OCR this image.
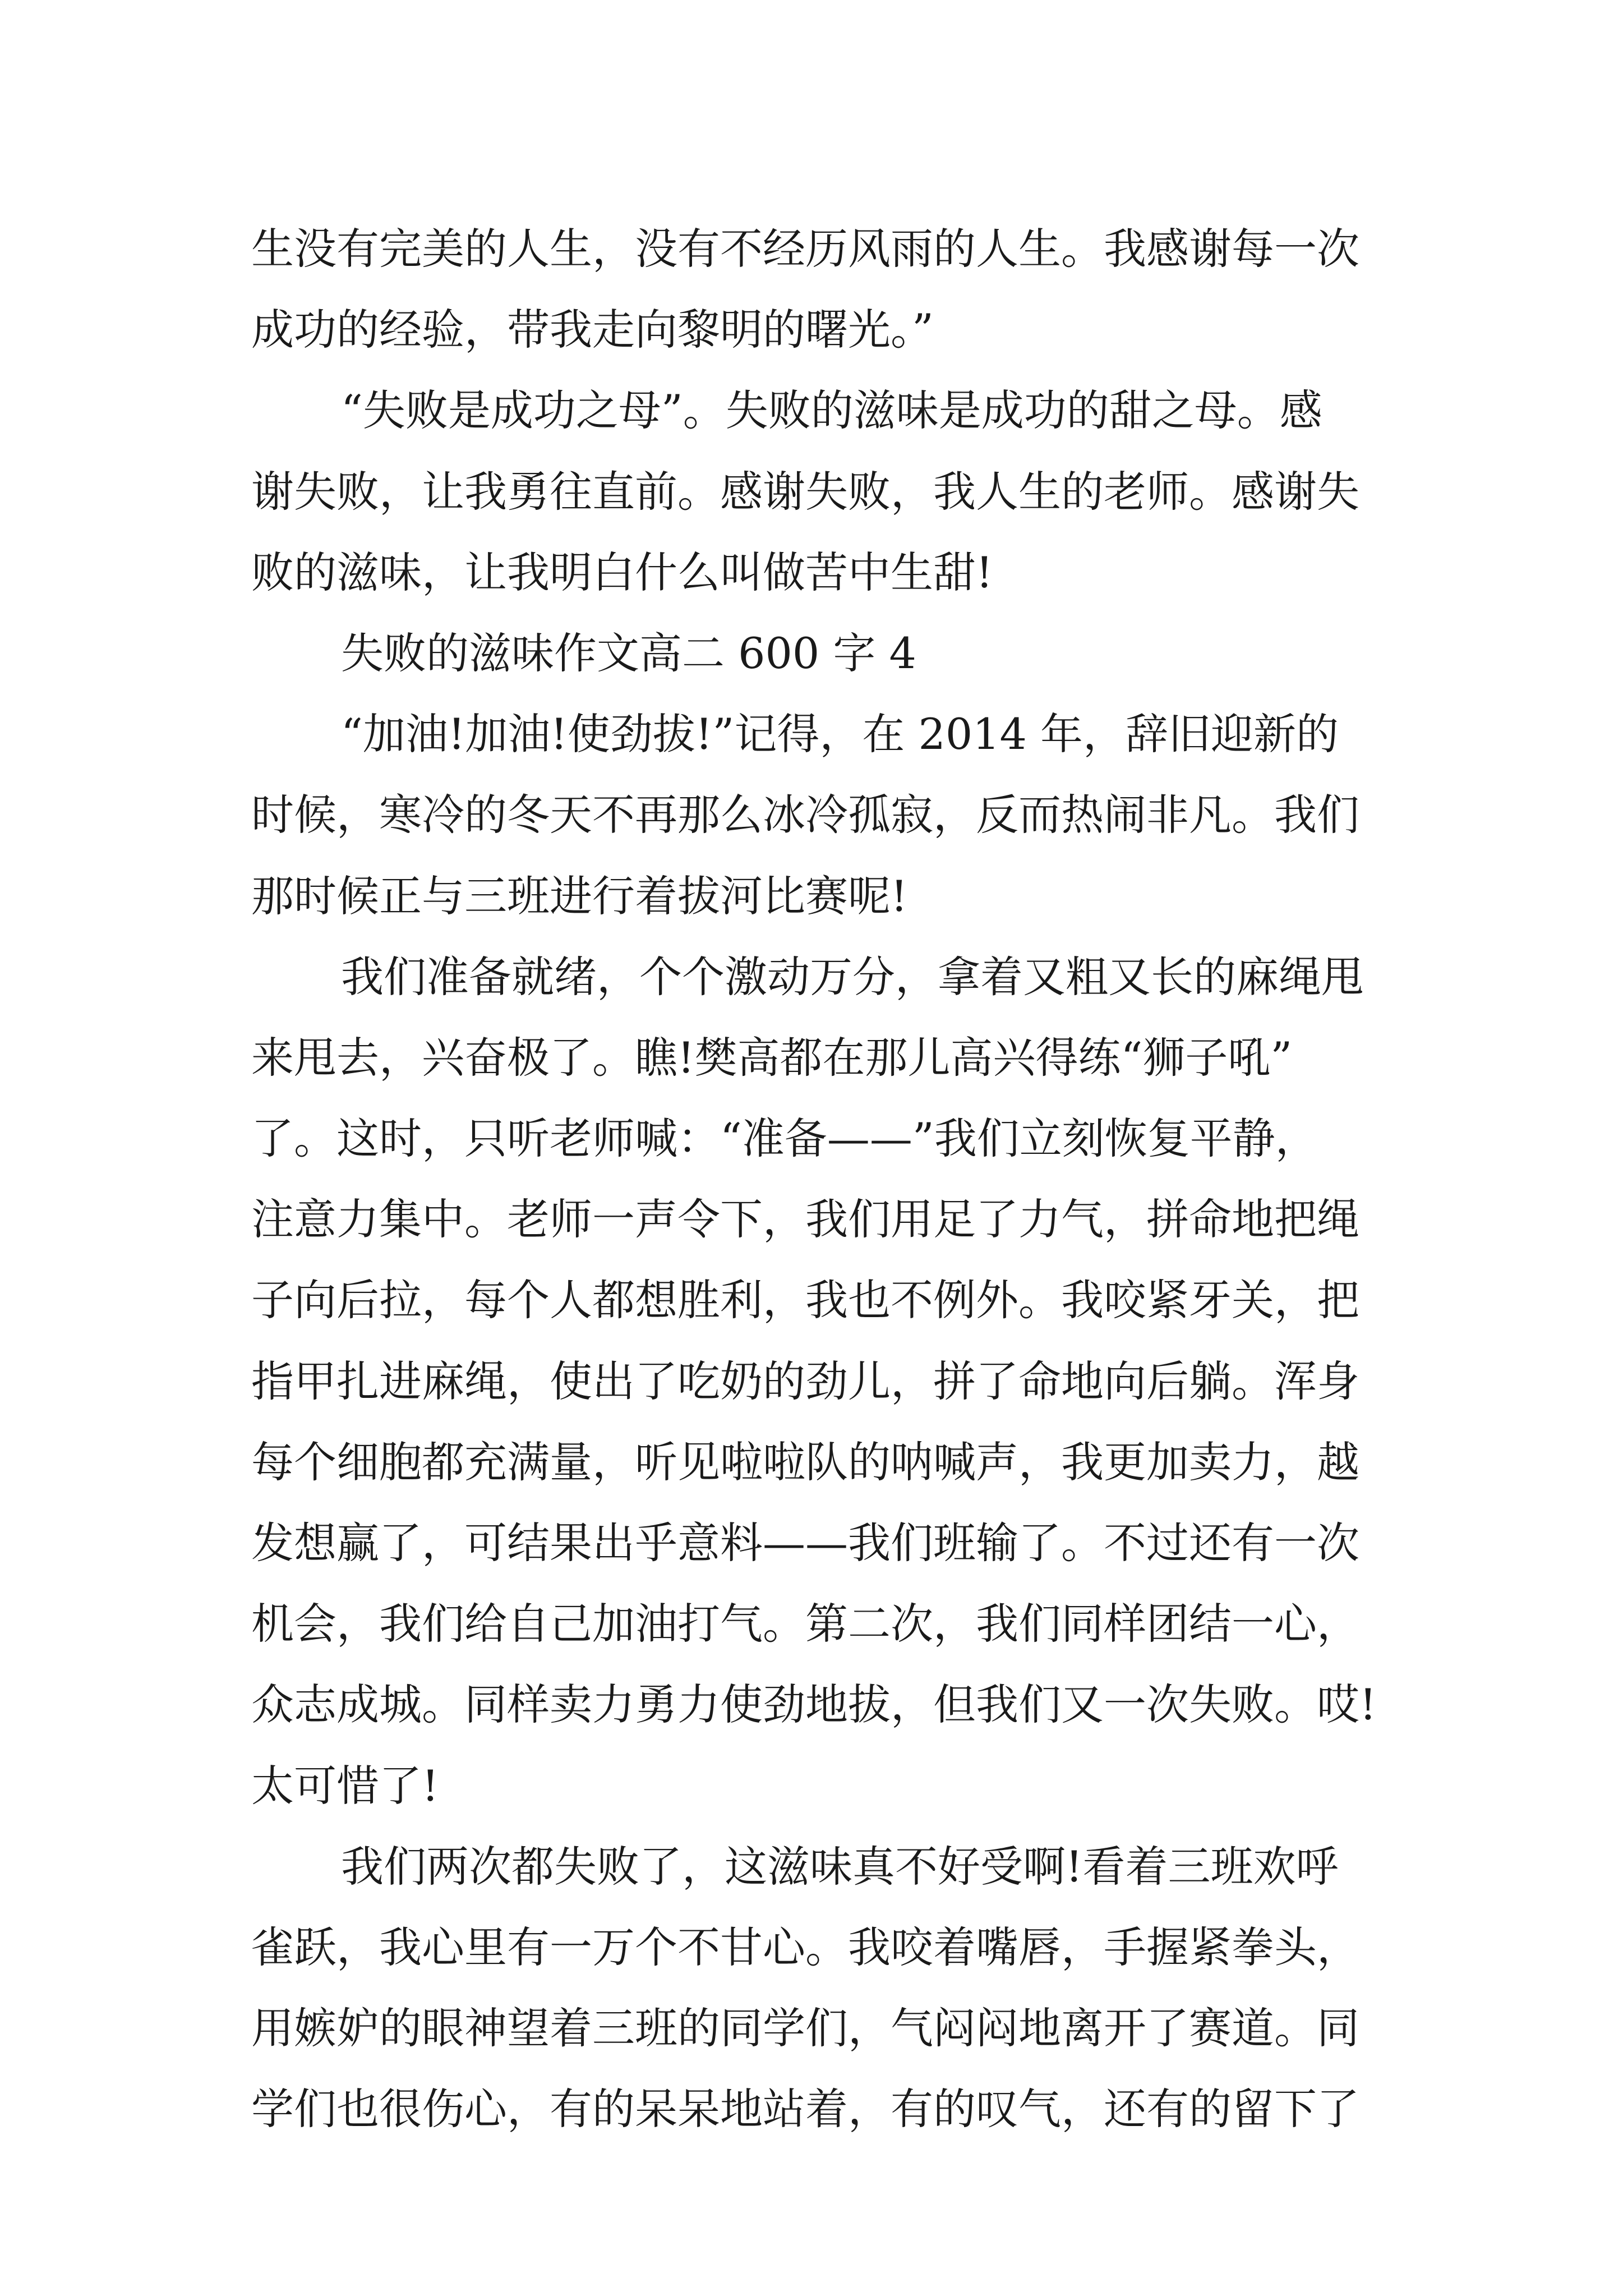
生没有完美的人生，没有不经历风雨的人生。我感谢每一次
成功的经验，带我走向黎明的曙光。”
“失败是成功之母”。失败的滋味是成功的甜之母。感
谢失败，让我勇往直前。感谢失败，我人生的老师。感谢失
败的滋味，让我明白什么叫做苦中生甜!
失败的滋味作文高二 600 字 4
“加油!加油!使劲拔!”记得，在 2014 年，辞旧迎新的
时候，寒冷的冬天不再那么冰冷孤寂，反而热闹非凡。我们
那时候正与三班进行着拔河比赛呢!
我们准备就绪，个个激动万分，拿着又粗又长的麻绳甩
来甩去，兴奋极了。瞧!樊高都在那儿高兴得练“狮子吼”
了。这时，只听老师喊：“准备——”我们立刻恢复平静，
注意力集中。老师一声令下，我们用足了力气，拼命地把绳
子向后拉，每个人都想胜利，我也不例外。我咬紧牙关，把
指甲扎进麻绳，使出了吃奶的劲儿，拼了命地向后躺。浑身
每个细胞都充满量，听见啦啦队的呐喊声，我更加卖力，越
发想赢了，可结果出乎意料——我们班输了。不过还有一次
机会，我们给自己加油打气。第二次，我们同样团结一心，
众志成城。同样卖力勇力使劲地拔，但我们又一次失败。哎!
太可惜了!
我们两次都失败了，这滋味真不好受啊!看着三班欢呼
雀跃，我心里有一万个不甘心。我咬着嘴唇，手握紧拳头，
用嫉妒的眼神望着三班的同学们，气闷闷地离开了赛道。同
学们也很伤心，有的呆呆地站着，有的叹气，还有的留下了
